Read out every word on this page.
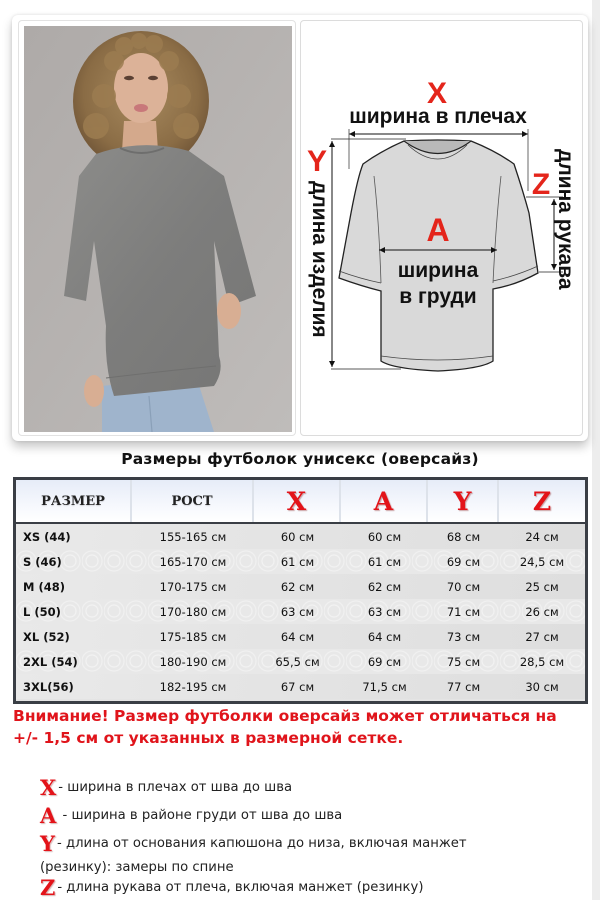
X
ширина в плечах
Y
длина изделия	Z длина рукава
A
ширина
в груди
Размеры футболок унисекс (оверсайз)
РАЗМЕР	РОСТ	X	A	Y	Z
XS (44)	155-165 см	60 см	60 см	68 см	24 см
S (46)	165-170 см	61 см	61 см	69 см	24,5 см
M (48)	170-175 см	62 см	62 см	70 см	25 см
L (50)	170-180 см	63 см	63 см	71 см	26 см
XL (52)	175-185 см	64 см	64 см	73 см	27 см
2XL (54)	180-190 см	65,5 см	69 см	75 см	28,5 см
3XL(56)	182-195 см	67 см	71,5 см	77 см	30 см
Внимание! Размер футболки оверсайз может отличаться на +/- 1,5 см от указанных в размерной сетке.
X - ширина в плечах от шва до шва
A - ширина в районе груди от шва до шва
Y - длина от основания капюшона до низа, включая манжет
(резинку): замеры по спине
Z - длина рукава от плеча, включая манжет (резинку)
